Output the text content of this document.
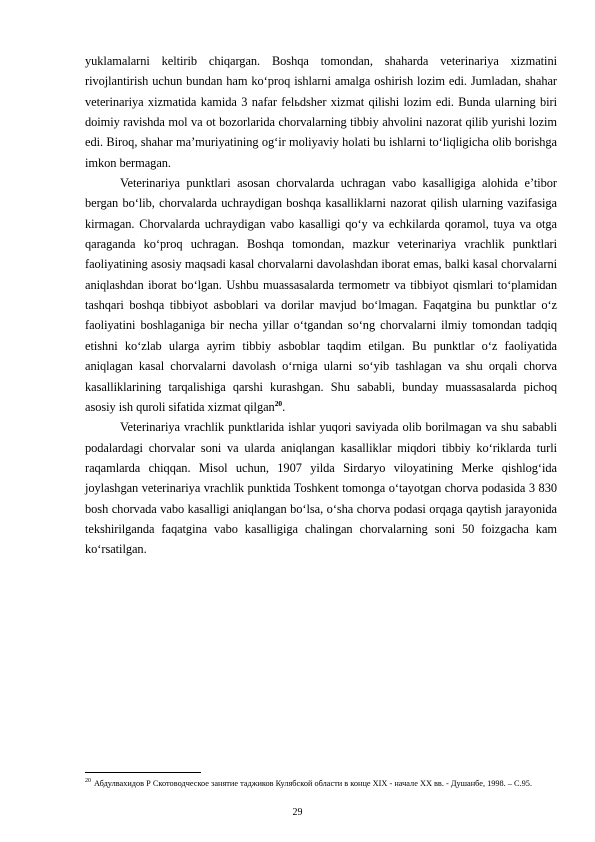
yuklamalarni keltirib chiqargan. Boshqa tomondan, shaharda veterinariya xizmatini rivojlantirish uchun bundan ham ko‘proq ishlarni amalga oshirish lozim edi. Jumladan, shahar veterinariya xizmatida kamida 3 nafar felьdsher xizmat qilishi lozim edi. Bunda ularning biri doimiy ravishda mol va ot bozorlarida chorvalarning tibbiy ahvolini nazorat qilib yurishi lozim edi. Biroq, shahar ma’muriyatining og‘ir moliyaviy holati bu ishlarni to‘liqligicha olib borishga imkon bermagan.

Veterinariya punktlari asosan chorvalarda uchragan vabo kasalligiga alohida e’tibor bergan bo‘lib, chorvalarda uchraydigan boshqa kasalliklarni nazorat qilish ularning vazifasiga kirmagan. Chorvalarda uchraydigan vabo kasalligi qo‘y va echkilarda qoramol, tuya va otga qaraganda ko‘proq uchragan. Boshqa tomondan, mazkur veterinariya vrachlik punktlari faoliyatining asosiy maqsadi kasal chorvalarni davolashdan iborat emas, balki kasal chorvalarni aniqlashdan iborat bo‘lgan. Ushbu muassasalarda termometr va tibbiyot qismlari to‘plamidan tashqari boshqa tibbiyot asboblari va dorilar mavjud bo‘lmagan. Faqatgina bu punktlar o‘z faoliyatini boshlaganiga bir necha yillar o‘tgandan so‘ng chorvalarni ilmiy tomondan tadqiq etishni ko‘zlab ularga ayrim tibbiy asboblar taqdim etilgan. Bu punktlar o‘z faoliyatida aniqlagan kasal chorvalarni davolash o‘rniga ularni so‘yib tashlagan va shu orqali chorva kasalliklarining tarqalishiga qarshi kurashgan. Shu sababli, bunday muassasalarda pichoq asosiy ish quroli sifatida xizmat qilgan$^{20}$.

Veterinariya vrachlik punktlarida ishlar yuqori saviyada olib borilmagan va shu sababli podalardagi chorvalar soni va ularda aniqlangan kasalliklar miqdori tibbiy ko‘riklarda turli raqamlarda chiqqan. Misol uchun, 1907 yilda Sirdaryo viloyatining Merke qishlog‘ida joylashgan veterinariya vrachlik punktida Toshkent tomonga o‘tayotgan chorva podasida 3 830 bosh chorvada vabo kasalligi aniqlangan bo‘lsa, o‘sha chorva podasi orqaga qaytish jarayonida tekshirilganda faqatgina vabo kasalligiga chalingan chorvalarning soni 50 foizgacha kam ko‘rsatilgan.

$^{20}$ Абдулвахидов Р Скотоводческое занятие таджиков Кулябской области в конце XIX - начале XX вв. - Душанбе, 1998. – С.95.

29
